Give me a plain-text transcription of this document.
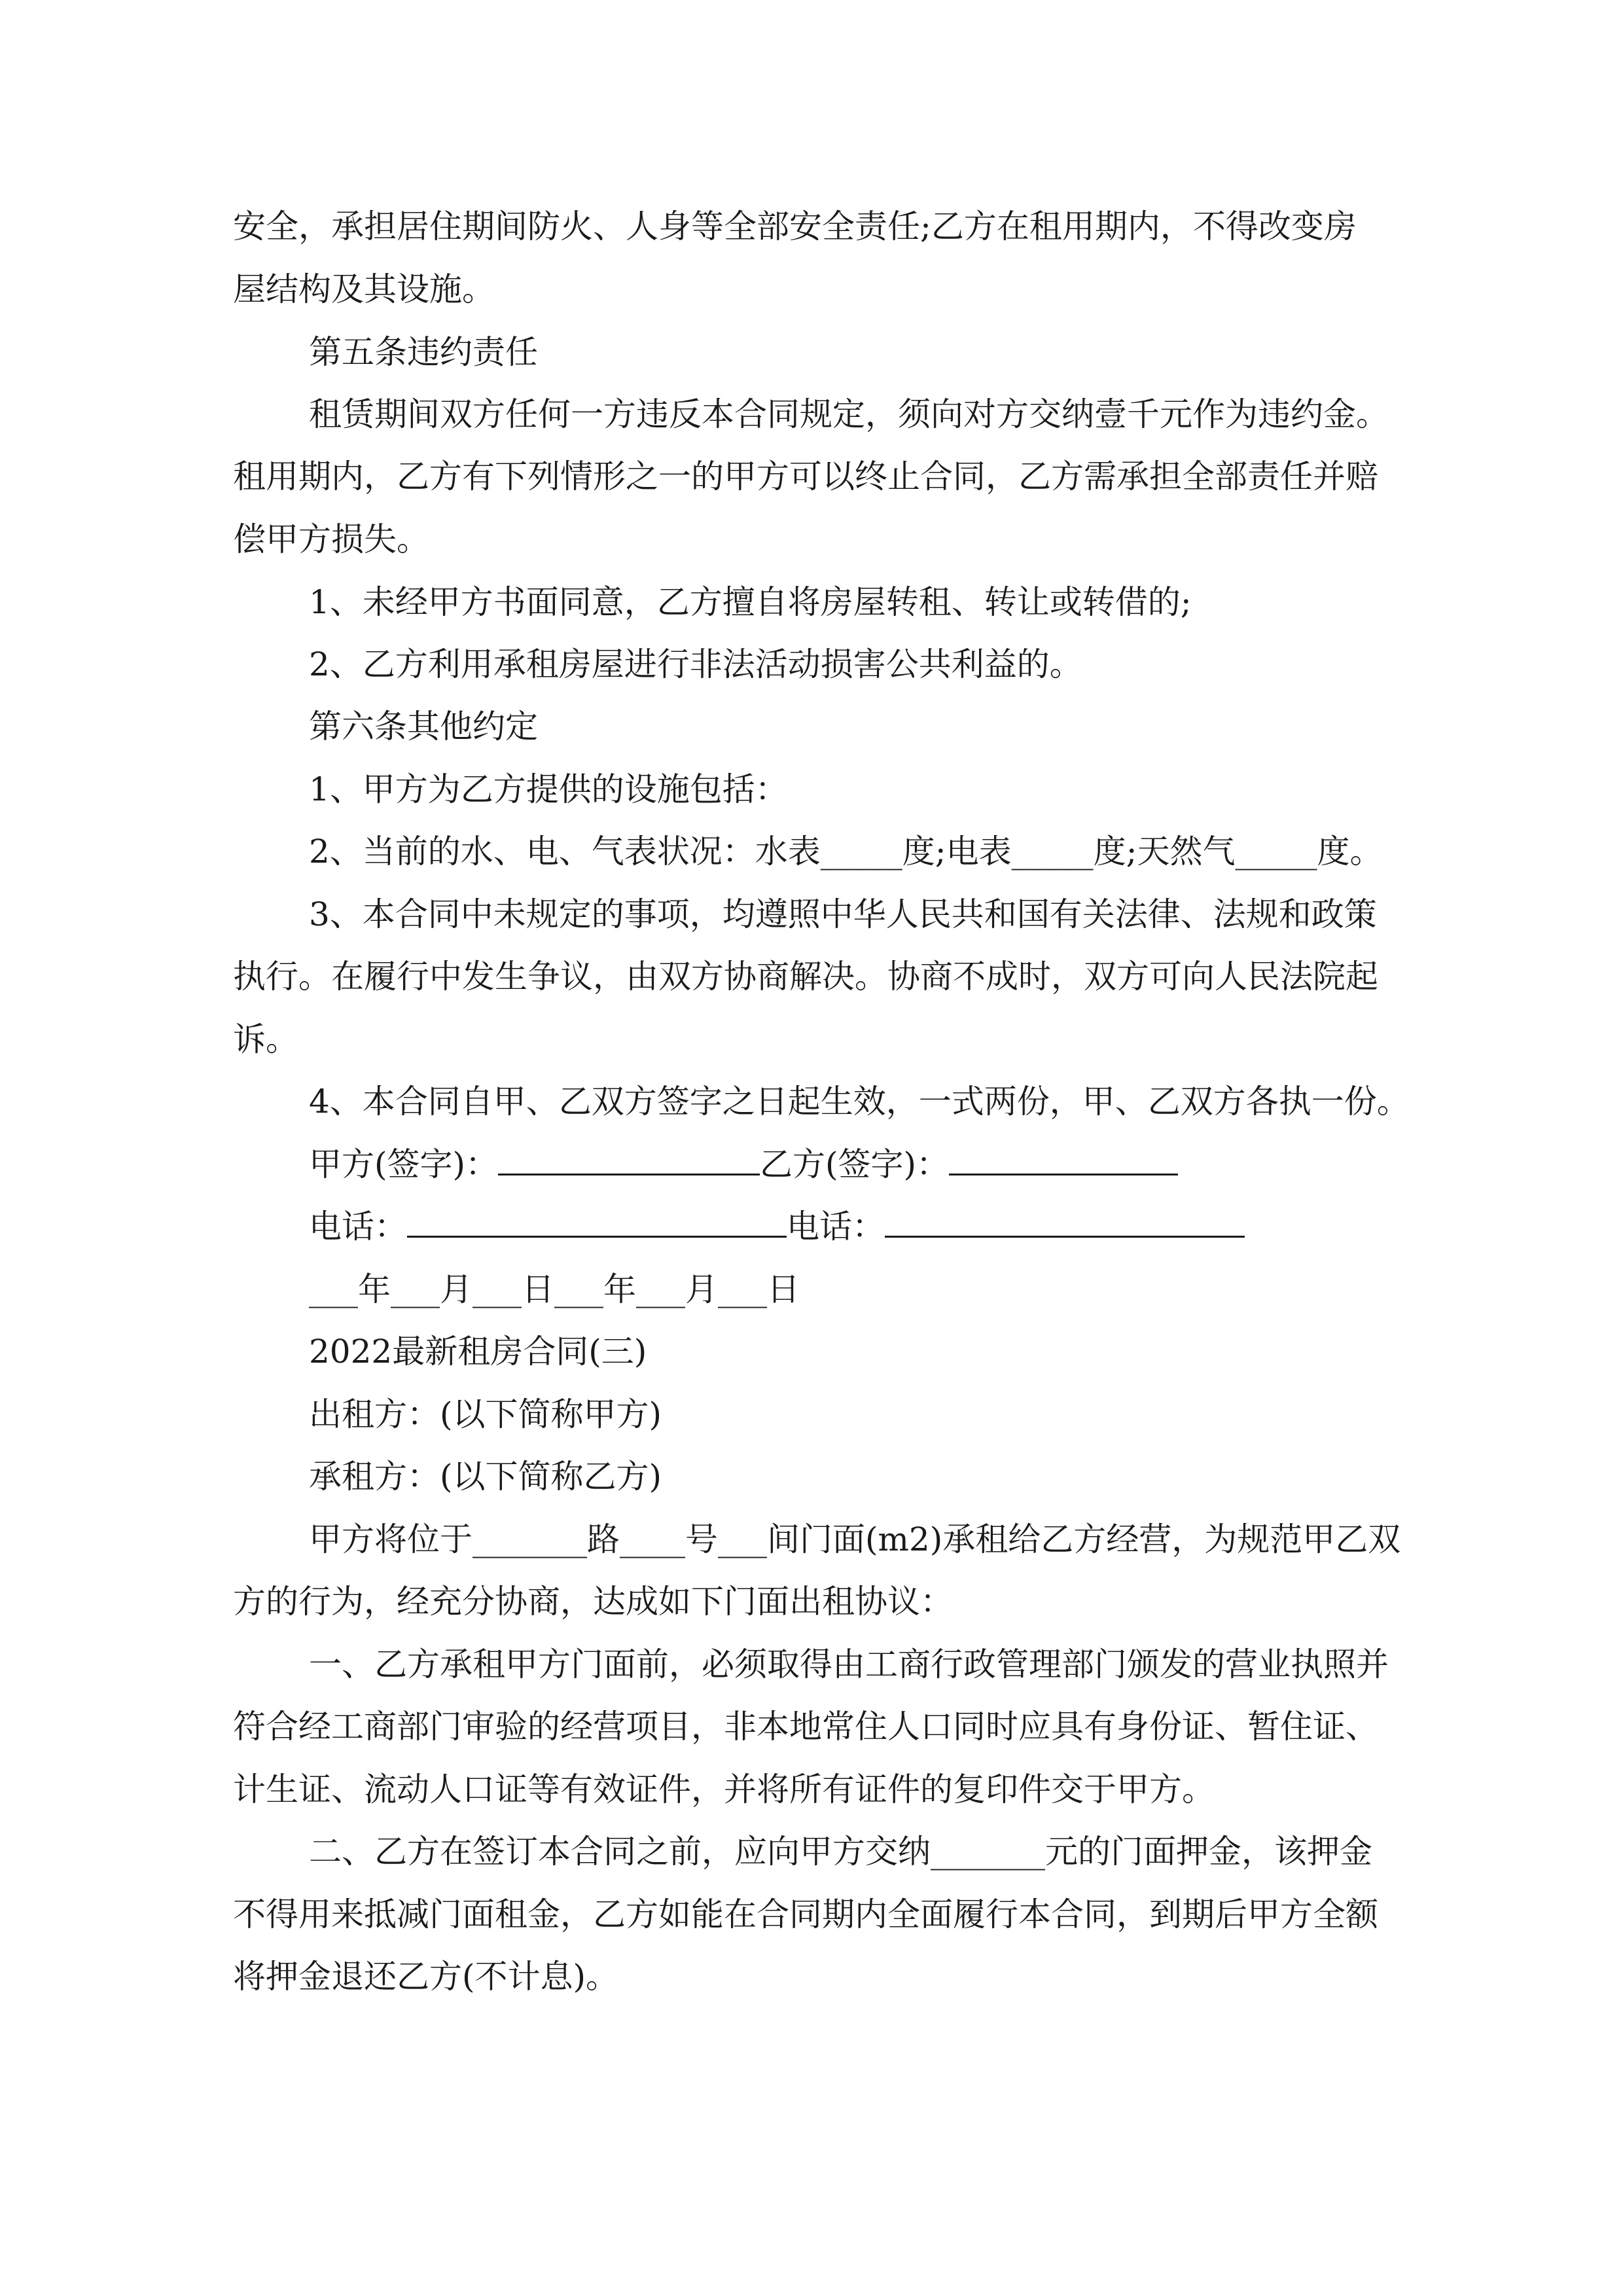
安全，承担居住期间防火、人身等全部安全责任;乙方在租用期内，不得改变房
屋结构及其设施。
第五条违约责任
租赁期间双方任何一方违反本合同规定，须向对方交纳壹千元作为违约金。
租用期内，乙方有下列情形之一的甲方可以终止合同，乙方需承担全部责任并赔
偿甲方损失。
1、未经甲方书面同意，乙方擅自将房屋转租、转让或转借的;
2、乙方利用承租房屋进行非法活动损害公共利益的。
第六条其他约定
1、甲方为乙方提供的设施包括：
2、当前的水、电、气表状况：水表_____度;电表_____度;天然气_____度。
3、本合同中未规定的事项，均遵照中华人民共和国有关法律、法规和政策
执行。在履行中发生争议，由双方协商解决。协商不成时，双方可向人民法院起
诉。
4、本合同自甲、乙双方签字之日起生效，一式两份，甲、乙双方各执一份。
甲方(签字)：	乙方(签字)：
电话：	电话：
___年___月___日___年___月___日
2022最新租房合同(三)
出租方：(以下简称甲方)
承租方：(以下简称乙方)
甲方将位于_______路____号___间门面(m2)承租给乙方经营，为规范甲乙双
方的行为，经充分协商，达成如下门面出租协议：
一、乙方承租甲方门面前，必须取得由工商行政管理部门颁发的营业执照并
符合经工商部门审验的经营项目，非本地常住人口同时应具有身份证、暂住证、
计生证、流动人口证等有效证件，并将所有证件的复印件交于甲方。
二、乙方在签订本合同之前，应向甲方交纳_______元的门面押金，该押金
不得用来抵减门面租金，乙方如能在合同期内全面履行本合同，到期后甲方全额
将押金退还乙方(不计息)。
